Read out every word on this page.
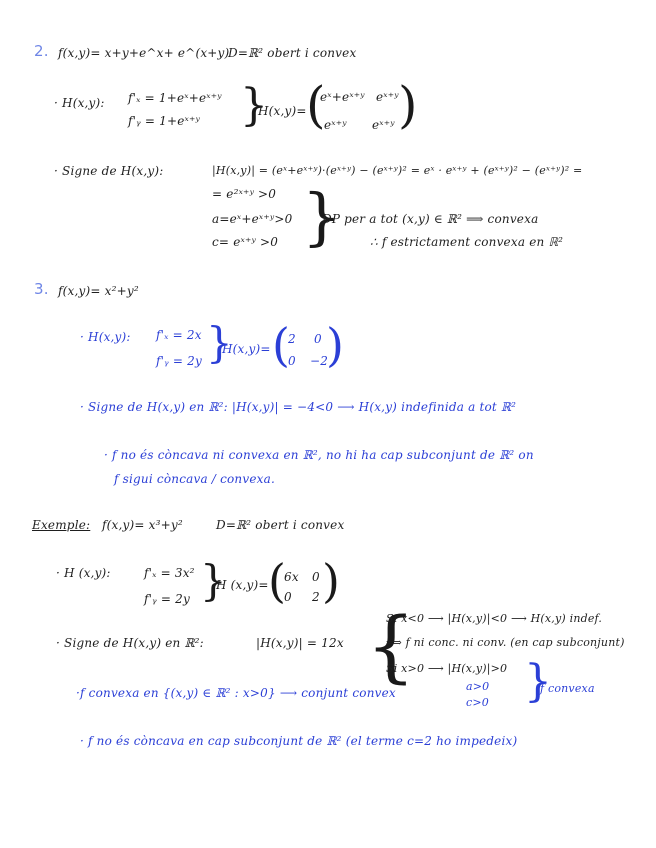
2. f(x,y)= x+y+e^x+ e^(x+y)
D=ℝ² obert i convex
· H(x,y): f'ₓ = 1+eˣ+eˣ⁺ʸ
f'ᵧ = 1+eˣ⁺ʸ }
H(x,y)= (
eˣ+eˣ⁺ʸ eˣ⁺ʸ
eˣ⁺ʸ eˣ⁺ʸ )
· Signe de H(x,y):	|H(x,y)| = (eˣ+eˣ⁺ʸ)·(eˣ⁺ʸ) − (eˣ⁺ʸ)² = eˣ · eˣ⁺ʸ + (eˣ⁺ʸ)² − (eˣ⁺ʸ)² =
= e²ˣ⁺ʸ >0
a=eˣ+eˣ⁺ʸ>0
c= eˣ⁺ʸ >0 }
DP per a tot (x,y) ∈ ℝ² ⟹ convexa
∴ f estrictament convexa en ℝ²
3. f(x,y)= x²+y²
· H(x,y): f'ₓ = 2x
f'ᵧ = 2y }
H(x,y)= (
2 0
0 −2
)
· Signe de H(x,y) en ℝ²: |H(x,y)| = −4<0 ⟶ H(x,y) indefinida a tot ℝ²
· f no és còncava ni convexa en ℝ², no hi ha cap subconjunt de ℝ² on
f sigui còncava / convexa.
Exemple: f(x,y)= x³+y²	D=ℝ² obert i convex
· H (x,y):	f'ₓ = 3x²
f'ᵧ = 2y }
H (x,y)= (
6x 0
0 2 )
· Signe de H(x,y) en ℝ²:	|H(x,y)| = 12x {
Si x<0 ⟶ |H(x,y)|<0 ⟶ H(x,y) indef.
⟹ f ni conc. ni conv. (en cap subconjunt)
Si x>0 ⟶ |H(x,y)|>0
a>0
c>0 }
f convexa
·f convexa en {(x,y) ∈ ℝ² : x>0} ⟶ conjunt convex
· f no és còncava en cap subconjunt de ℝ² (el terme c=2 ho impedeix)
